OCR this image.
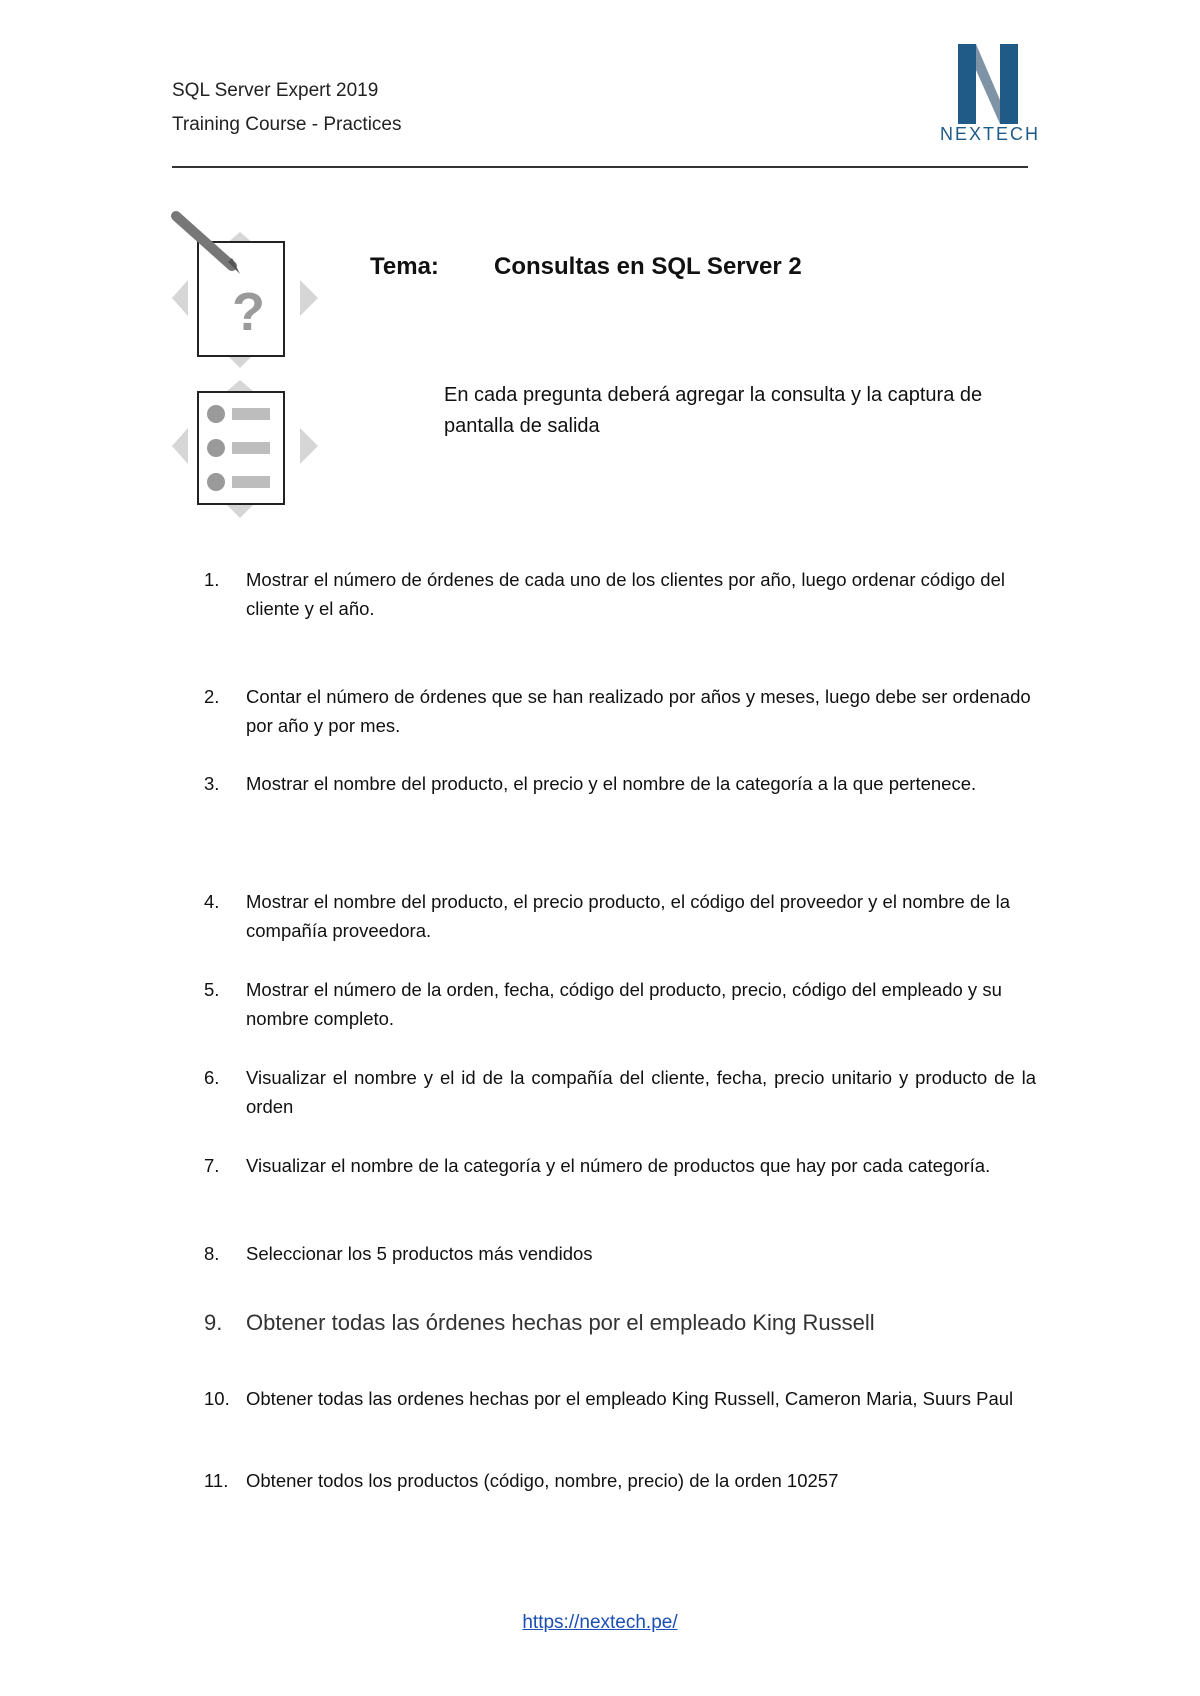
SQL Server Expert 2019
Training Course - Practices	NEXTECH
?
Tema: Consultas en SQL Server 2
En cada pregunta deberá agregar la consulta y la captura de pantalla de salida
1.	Mostrar el número de órdenes de cada uno de los clientes por año, luego ordenar código del cliente y el año.
2.	Contar el número de órdenes que se han realizado por años y meses, luego debe ser ordenado por año y por mes.
3.	Mostrar el nombre del producto, el precio y el nombre de la categoría a la que pertenece.
4.	Mostrar el nombre del producto, el precio producto, el código del proveedor y el nombre de la compañía proveedora.
5.	Mostrar el número de la orden, fecha, código del producto, precio, código del empleado y su nombre completo.
6.	Visualizar el nombre y el id de la compañía del cliente, fecha, precio unitario y producto de la orden
7.	Visualizar el nombre de la categoría y el número de productos que hay por cada categoría.
8.	Seleccionar los 5 productos más vendidos
9.	Obtener todas las órdenes hechas por el empleado King Russell
10. Obtener todas las ordenes hechas por el empleado King Russell, Cameron Maria, Suurs Paul
11. Obtener todos los productos (código, nombre, precio) de la orden 10257
https://nextech.pe/
